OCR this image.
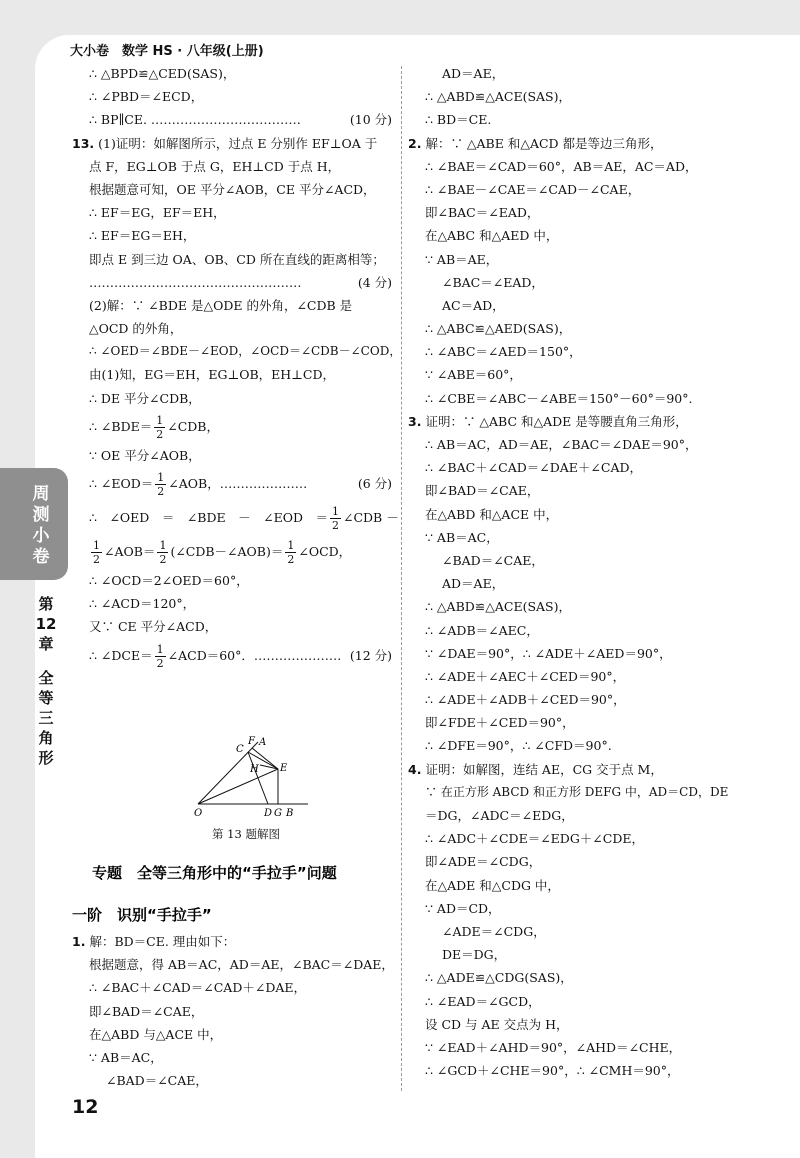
大小卷　数学 HS · 八年级(上册)
周
测
小
卷
第
12
章
全
等
三
角
形
∴ △BPD≌△CED(SAS)，
∴ ∠PBD＝∠ECD，
∴ BP∥CE. ………………………………	(10 分)
13. (1)证明：如解图所示，过点 E 分别作 EF⊥OA 于
点 F，EG⊥OB 于点 G，EH⊥CD 于点 H，
根据题意可知，OE 平分∠AOB，CE 平分∠ACD，
∴ EF＝EG，EF＝EH，
∴ EF＝EG＝EH，
即点 E 到三边 OA、OB、CD 所在直线的距离相等；
……………………………………………	(4 分)
(2)解：∵ ∠BDE 是△ODE 的外角，∠CDB 是
△OCD 的外角，
∴ ∠OED＝∠BDE－∠EOD，∠OCD＝∠CDB－∠COD，
由(1)知，EG＝EH，EG⊥OB，EH⊥CD，
∴ DE 平分∠CDB，
∴ ∠BDE＝ $\frac{1}{2}$ ∠CDB，
∵ OE 平分∠AOB，
∴ ∠EOD＝ $\frac{1}{2}$ ∠AOB，…………………	(6 分)
∴　∠OED　＝　∠BDE　－　∠EOD　＝ $\frac{1}{2}$ ∠CDB －
$\frac{1}{2}$ ∠AOB＝ $\frac{1}{2}$ (∠CDB－∠AOB)＝ $\frac{1}{2}$ ∠OCD，
∴ ∠OCD＝2∠OED＝60°，
∴ ∠ACD＝120°，
又∵ CE 平分∠ACD，
∴ ∠DCE＝ $\frac{1}{2}$ ∠ACD＝60°．………………… (12 分)
O
C
F A
H E
D G B
第 13 题解图
专题　全等三角形中的“手拉手”问题
一阶　识别“手拉手”
1. 解：BD＝CE. 理由如下：
根据题意，得 AB＝AC，AD＝AE，∠BAC＝∠DAE，
∴ ∠BAC＋∠CAD＝∠CAD＋∠DAE，
即∠BAD＝∠CAE，
在△ABD 与△ACE 中，
∵ AB＝AC，
∠BAD＝∠CAE，
AD＝AE，
∴ △ABD≌△ACE(SAS)，
∴ BD＝CE.
2. 解：∵ △ABE 和△ACD 都是等边三角形，
∴ ∠BAE＝∠CAD＝60°，AB＝AE，AC＝AD，
∴ ∠BAE－∠CAE＝∠CAD－∠CAE，
即∠BAC＝∠EAD，
在△ABC 和△AED 中，
∵ AB＝AE，
∠BAC＝∠EAD，
AC＝AD，
∴ △ABC≌△AED(SAS)，
∴ ∠ABC＝∠AED＝150°，
∵ ∠ABE＝60°，
∴ ∠CBE＝∠ABC－∠ABE＝150°－60°＝90°.
3. 证明：∵ △ABC 和△ADE 是等腰直角三角形，
∴ AB＝AC，AD＝AE，∠BAC＝∠DAE＝90°，
∴ ∠BAC＋∠CAD＝∠DAE＋∠CAD，
即∠BAD＝∠CAE，
在△ABD 和△ACE 中，
∵ AB＝AC，
∠BAD＝∠CAE，
AD＝AE，
∴ △ABD≌△ACE(SAS)，
∴ ∠ADB＝∠AEC，
∵ ∠DAE＝90°，∴ ∠ADE＋∠AED＝90°，
∴ ∠ADE＋∠AEC＋∠CED＝90°，
∴ ∠ADE＋∠ADB＋∠CED＝90°，
即∠FDE＋∠CED＝90°，
∴ ∠DFE＝90°，∴ ∠CFD＝90°.
4. 证明：如解图，连结 AE，CG 交于点 M，
∵ 在正方形 ABCD 和正方形 DEFG 中，AD＝CD，DE
＝DG，∠ADC＝∠EDG，
∴ ∠ADC＋∠CDE＝∠EDG＋∠CDE，
即∠ADE＝∠CDG，
在△ADE 和△CDG 中，
∵ AD＝CD，
∠ADE＝∠CDG，
DE＝DG，
∴ △ADE≌△CDG(SAS)，
∴ ∠EAD＝∠GCD，
设 CD 与 AE 交点为 H，
∵ ∠EAD＋∠AHD＝90°，∠AHD＝∠CHE，
∴ ∠GCD＋∠CHE＝90°，∴ ∠CMH＝90°，
12
